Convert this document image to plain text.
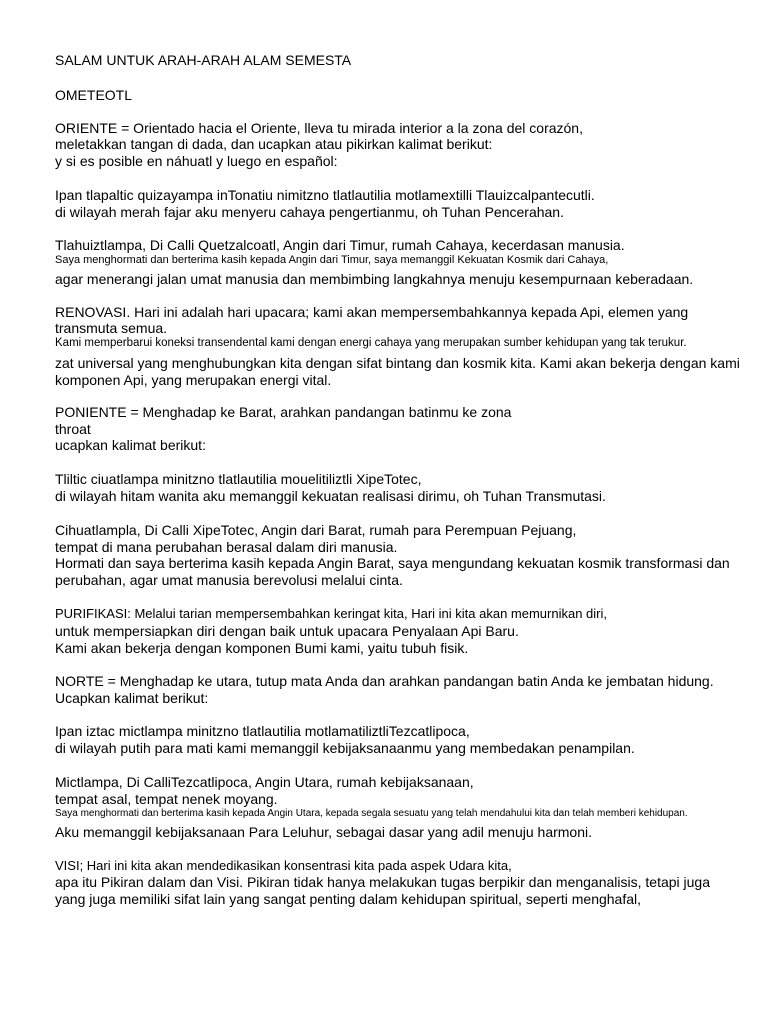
SALAM UNTUK ARAH-ARAH ALAM SEMESTA
OMETEOTL
ORIENTE = Orientado hacia el Oriente, lleva tu mirada interior a la zona del corazón,
meletakkan tangan di dada, dan ucapkan atau pikirkan kalimat berikut:
y si es posible en náhuatl y luego en español:
Ipan tlapaltic quizayampa inTonatiu nimitzno tlatlautilia motlamextilli Tlauizcalpantecutli.
di wilayah merah fajar aku menyeru cahaya pengertianmu, oh Tuhan Pencerahan.
Tlahuiztlampa, Di Calli Quetzalcoatl, Angin dari Timur, rumah Cahaya, kecerdasan manusia.
Saya menghormati dan berterima kasih kepada Angin dari Timur, saya memanggil Kekuatan Kosmik dari Cahaya,
agar menerangi jalan umat manusia dan membimbing langkahnya menuju kesempurnaan keberadaan.
RENOVASI. Hari ini adalah hari upacara; kami akan mempersembahkannya kepada Api, elemen yang
transmuta semua.
Kami memperbarui koneksi transendental kami dengan energi cahaya yang merupakan sumber kehidupan yang tak terukur.
zat universal yang menghubungkan kita dengan sifat bintang dan kosmik kita. Kami akan bekerja dengan kami
komponen Api, yang merupakan energi vital.
PONIENTE = Menghadap ke Barat, arahkan pandangan batinmu ke zona
throat
ucapkan kalimat berikut:
Tliltic ciuatlampa minitzno tlatlautilia mouelitiliztli XipeTotec,
di wilayah hitam wanita aku memanggil kekuatan realisasi dirimu, oh Tuhan Transmutasi.
Cihuatlampla, Di Calli XipeTotec, Angin dari Barat, rumah para Perempuan Pejuang,
tempat di mana perubahan berasal dalam diri manusia.
Hormati dan saya berterima kasih kepada Angin Barat, saya mengundang kekuatan kosmik transformasi dan
perubahan, agar umat manusia berevolusi melalui cinta.
PURIFIKASI: Melalui tarian mempersembahkan keringat kita, Hari ini kita akan memurnikan diri,
untuk mempersiapkan diri dengan baik untuk upacara Penyalaan Api Baru.
Kami akan bekerja dengan komponen Bumi kami, yaitu tubuh fisik.
NORTE = Menghadap ke utara, tutup mata Anda dan arahkan pandangan batin Anda ke jembatan hidung.
Ucapkan kalimat berikut:
Ipan iztac mictlampa minitzno tlatlautilia motlamatiliztliTezcatlipoca,
di wilayah putih para mati kami memanggil kebijaksanaanmu yang membedakan penampilan.
Mictlampa, Di CalliTezcatlipoca, Angin Utara, rumah kebijaksanaan,
tempat asal, tempat nenek moyang.
Saya menghormati dan berterima kasih kepada Angin Utara, kepada segala sesuatu yang telah mendahului kita dan telah memberi kehidupan.
Aku memanggil kebijaksanaan Para Leluhur, sebagai dasar yang adil menuju harmoni.
VISI; Hari ini kita akan mendedikasikan konsentrasi kita pada aspek Udara kita,
apa itu Pikiran dalam dan Visi. Pikiran tidak hanya melakukan tugas berpikir dan menganalisis, tetapi juga
yang juga memiliki sifat lain yang sangat penting dalam kehidupan spiritual, seperti menghafal,
